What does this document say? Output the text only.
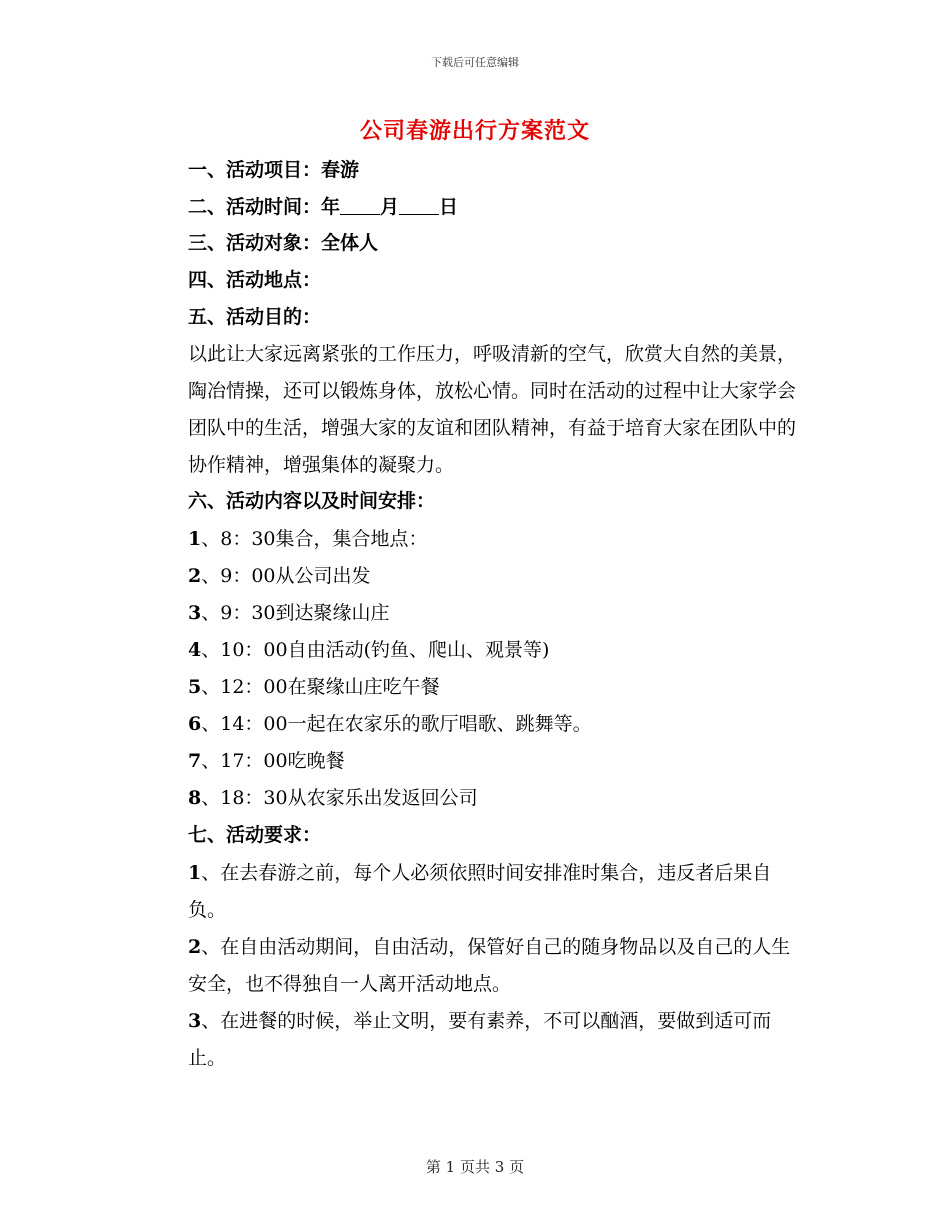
下载后可任意编辑
公司春游出行方案范文
一、活动项目：春游
二、活动时间：年 月 日
三、活动对象：全体人
四、活动地点：
五、活动目的：
以此让大家远离紧张的工作压力，呼吸清新的空气，欣赏大自然的美景，陶冶情操，还可以锻炼身体，放松心情。同时在活动的过程中让大家学会团队中的生活，增强大家的友谊和团队精神，有益于培育大家在团队中的协作精神，增强集体的凝聚力。
六、活动内容以及时间安排：
1、8：30集合，集合地点：
2、9：00从公司出发
3、9：30到达聚缘山庄
4、10：00自由活动(钓鱼、爬山、观景等)
5、12：00在聚缘山庄吃午餐
6、14：00一起在农家乐的歌厅唱歌、跳舞等。
7、17：00吃晚餐
8、18：30从农家乐出发返回公司
七、活动要求：
1、在去春游之前，每个人必须依照时间安排准时集合，违反者后果自负。
2、在自由活动期间，自由活动，保管好自己的随身物品以及自己的人生安全，也不得独自一人离开活动地点。
3、在进餐的时候，举止文明，要有素养，不可以酗酒，要做到适可而止。
第 1 页共 3 页
